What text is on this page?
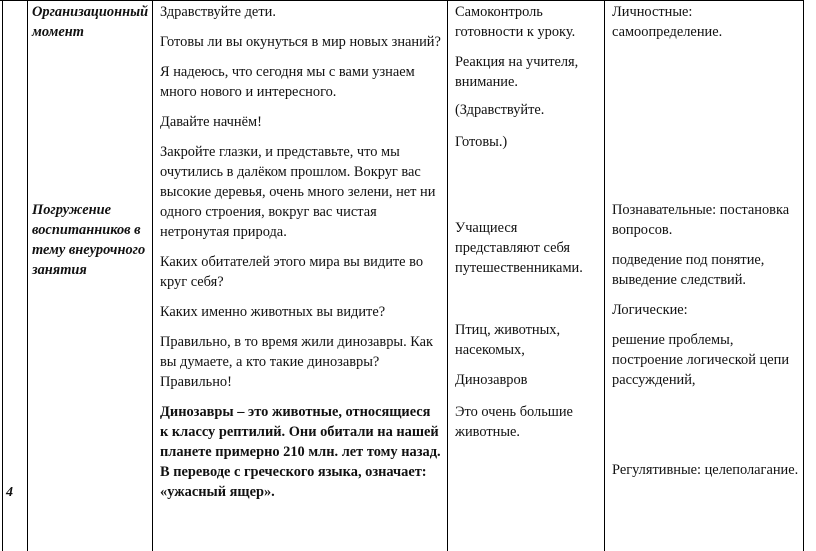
4
Организационный момент
Погружение воспитанников в тему внеурочного занятия

Здравствуйте дети.

Готовы ли вы окунуться в мир новых знаний?

Я надеюсь, что сегодня мы с вами узнаем много нового и интересного.

Давайте начнём!

Закройте глазки, и представьте, что мы очутились в далёком прошлом. Вокруг вас высокие деревья, очень много зелени, нет ни одного строения, вокруг вас чистая нетронутая природа.

Каких обитателей этого мира вы видите во круг себя?

Каких именно животных вы видите?

Правильно, в то время жили динозавры. Как вы думаете, а кто такие динозавры? Правильно!

Динозавры – это животные, относящиеся к классу рептилий. Они обитали на нашей планете примерно 210 млн. лет тому назад. В переводе с греческого языка, означает: «ужасный ящер».

Самоконтроль готовности к уроку.
Реакция на учителя, внимание.
(Здравствуйте.
Готовы.)
Учащиеся представляют себя путешественниками.
Птиц, животных, насекомых,
Динозавров
Это очень большие животные.
Личностные: самоопределение.
Познавательные: постановка вопросов.
подведение под понятие, выведение следствий.
Логические:
решение проблемы, построение логической цепи рассуждений,
Регулятивные: целеполагание.
